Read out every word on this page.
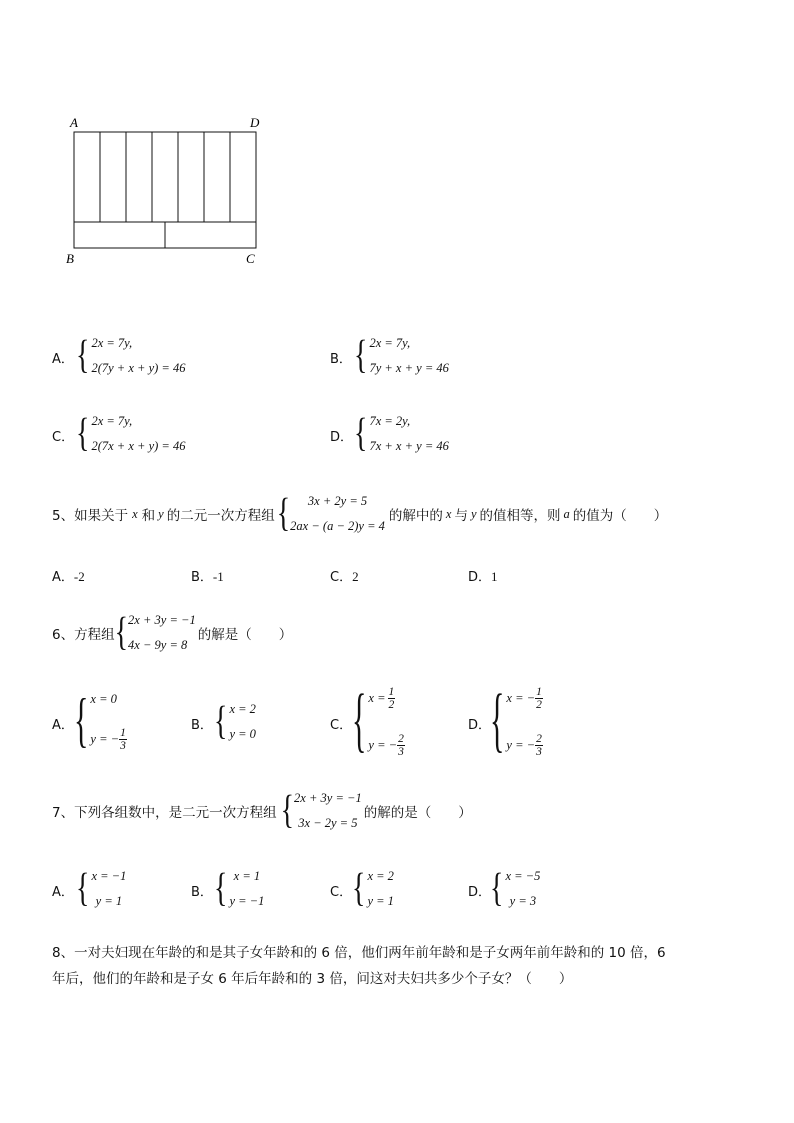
A	D
B	C
A． { 2x = 7y,
2(7y + x + y) = 46
B． { 2x = 7y,
7y + x + y = 46
C． { 2x = 7y,
2(7x + x + y) = 46
D． { 7x = 2y,
7x + x + y = 46
5、如果关于 x 和 y 的二元一次方程组 { 3x + 2y = 5
2ax − (a − 2)y = 4
的解中的 x 与 y 的值相等，则 a 的值为（　　）
A．-2	B．-1	C．2	D．1
6、方程组 { 2x + 3y = −1
4x − 9y = 8
的解是（　　）
A． { x = 0
y = − $\frac{1}{3}$
B． { x = 2
y = 0
C． { $x = \frac{1}{2}$
y = − $\frac{2}{3}$
D．
{ x = − $\frac{1}{2}$
y = − $\frac{2}{3}$
7、下列各组数中，是二元一次方程组 { 2x + 3y = −1
3x − 2y = 5
的解的是（　　）
A． { x = −1
y = 1
B． { x = 1
y = −1
C． { x = 2
y = 1
D．
{ x = −5
y = 3
8、一对夫妇现在年龄的和是其子女年龄和的 6 倍，他们两年前年龄和是子女两年前年龄和的 10 倍，6
年后，他们的年龄和是子女 6 年后年龄和的 3 倍，问这对夫妇共多少个子女？（　　）
